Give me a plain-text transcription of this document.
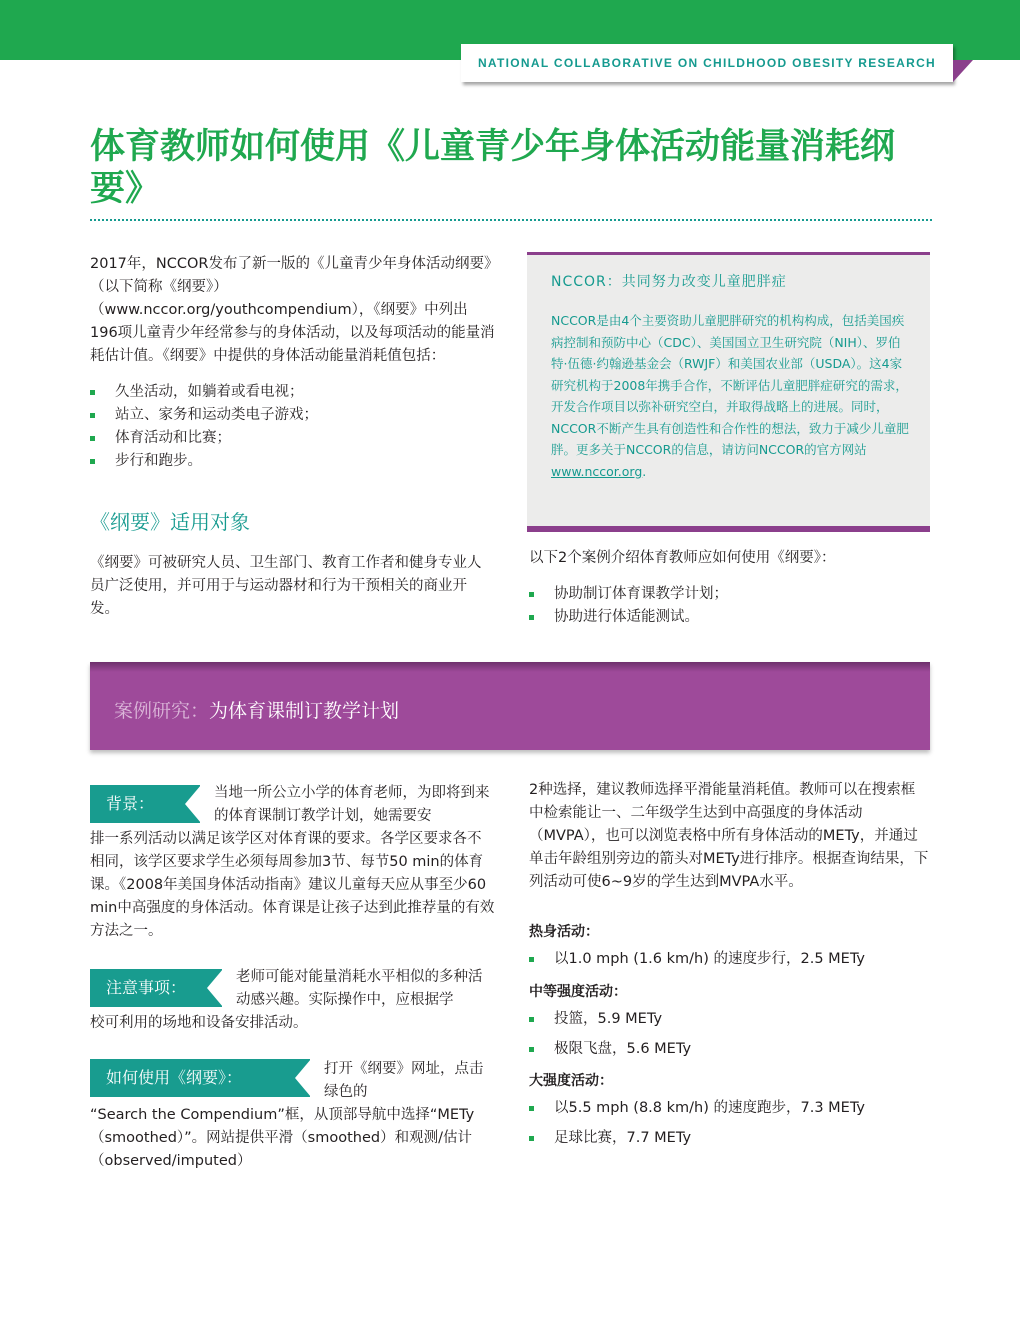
NATIONAL COLLABORATIVE ON CHILDHOOD OBESITY RESEARCH
体育教师如何使用《儿童青少年身体活动能量消耗纲要》
2017年，NCCOR发布了新一版的《儿童青少年身体活动纲要》（以下简称《纲要》）（www.nccor.org/youthcompendium），《纲要》中列出196项儿童青少年经常参与的身体活动，以及每项活动的能量消耗估计值。《纲要》中提供的身体活动能量消耗值包括：
久坐活动，如躺着或看电视；
站立、家务和运动类电子游戏；
体育活动和比赛；
步行和跑步。
《纲要》适用对象
《纲要》可被研究人员、卫生部门、教育工作者和健身专业人员广泛使用，并可用于与运动器材和行为干预相关的商业开发。
NCCOR：共同努力改变儿童肥胖症
NCCOR是由4个主要资助儿童肥胖研究的机构构成，包括美国疾病控制和预防中心（CDC）、美国国立卫生研究院（NIH）、罗伯特·伍德·约翰逊基金会（RWJF）和美国农业部（USDA）。这4家研究机构于2008年携手合作，不断评估儿童肥胖症研究的需求，开发合作项目以弥补研究空白，并取得战略上的进展。同时，NCCOR不断产生具有创造性和合作性的想法，致力于减少儿童肥胖。更多关于NCCOR的信息，请访问NCCOR的官方网站www.nccor.org.
以下2个案例介绍体育教师应如何使用《纲要》：
协助制订体育课教学计划；
协助进行体适能测试。
案例研究：为体育课制订教学计划
背景：
当地一所公立小学的体育老师，为即将到来的体育课制订教学计划，她需要安
排一系列活动以满足该学区对体育课的要求。各学区要求各不相同，该学区要求学生必须每周参加3节、每节50 min的体育课。《2008年美国身体活动指南》建议儿童每天应从事至少60 min中高强度的身体活动。体育课是让孩子达到此推荐量的有效方法之一。
注意事项：
老师可能对能量消耗水平相似的多种活动感兴趣。实际操作中，应根据学
校可利用的场地和设备安排活动。
如何使用《纲要》：	打开《纲要》网址，点击绿色的
“Search the Compendium”框，从顶部导航中选择“METy（smoothed）”。网站提供平滑（smoothed）和观测/估计（observed/imputed）
2种选择，建议教师选择平滑能量消耗值。教师可以在搜索框中检索能让一、二年级学生达到中高强度的身体活动（MVPA），也可以浏览表格中所有身体活动的METy，并通过单击年龄组别旁边的箭头对METy进行排序。根据查询结果，下列活动可使6~9岁的学生达到MVPA水平。
热身活动：
以1.0 mph (1.6 km/h) 的速度步行，2.5 METy
中等强度活动：
投篮，5.9 METy
极限飞盘，5.6 METy
大强度活动：
以5.5 mph (8.8 km/h) 的速度跑步，7.3 METy
足球比赛，7.7 METy
